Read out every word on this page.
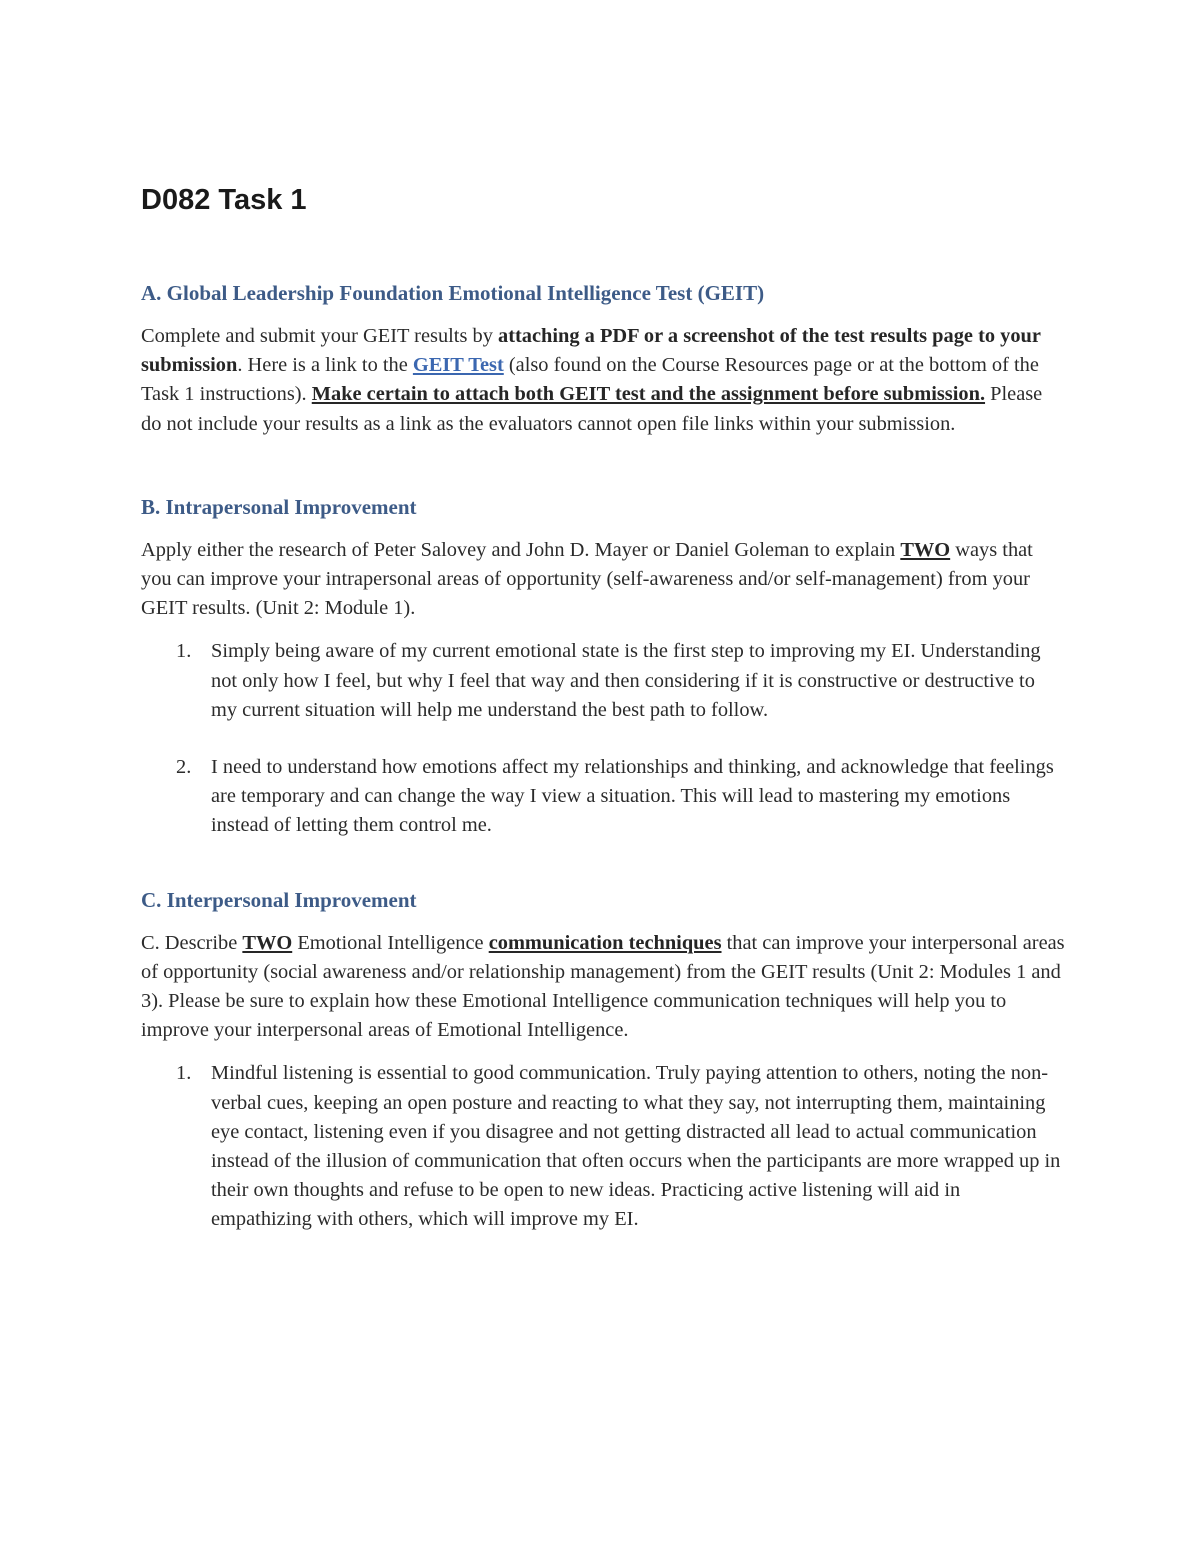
D082 Task 1
A. Global Leadership Foundation Emotional Intelligence Test (GEIT)

Complete and submit your GEIT results by attaching a PDF or a screenshot of the test results page to your submission. Here is a link to the GEIT Test (also found on the Course Resources page or at the bottom of the Task 1 instructions). Make certain to attach both GEIT test and the assignment before submission. Please do not include your results as a link as the evaluators cannot open file links within your submission.

B. Intrapersonal Improvement

Apply either the research of Peter Salovey and John D. Mayer or Daniel Goleman to explain TWO ways that you can improve your intrapersonal areas of opportunity (self-awareness and/or self-management) from your GEIT results. (Unit 2: Module 1).

1. Simply being aware of my current emotional state is the first step to improving my EI. Understanding not only how I feel, but why I feel that way and then considering if it is constructive or destructive to my current situation will help me understand the best path to follow.
2. I need to understand how emotions affect my relationships and thinking, and acknowledge that feelings are temporary and can change the way I view a situation. This will lead to mastering my emotions instead of letting them control me.
C. Interpersonal Improvement

C. Describe TWO Emotional Intelligence communication techniques that can improve your interpersonal areas of opportunity (social awareness and/or relationship management) from the GEIT results (Unit 2: Modules 1 and 3). Please be sure to explain how these Emotional Intelligence communication techniques will help you to improve your interpersonal areas of Emotional Intelligence.

1. Mindful listening is essential to good communication. Truly paying attention to others, noting the non-verbal cues, keeping an open posture and reacting to what they say, not interrupting them, maintaining eye contact, listening even if you disagree and not getting distracted all lead to actual communication instead of the illusion of communication that often occurs when the participants are more wrapped up in their own thoughts and refuse to be open to new ideas. Practicing active listening will aid in empathizing with others, which will improve my EI.
